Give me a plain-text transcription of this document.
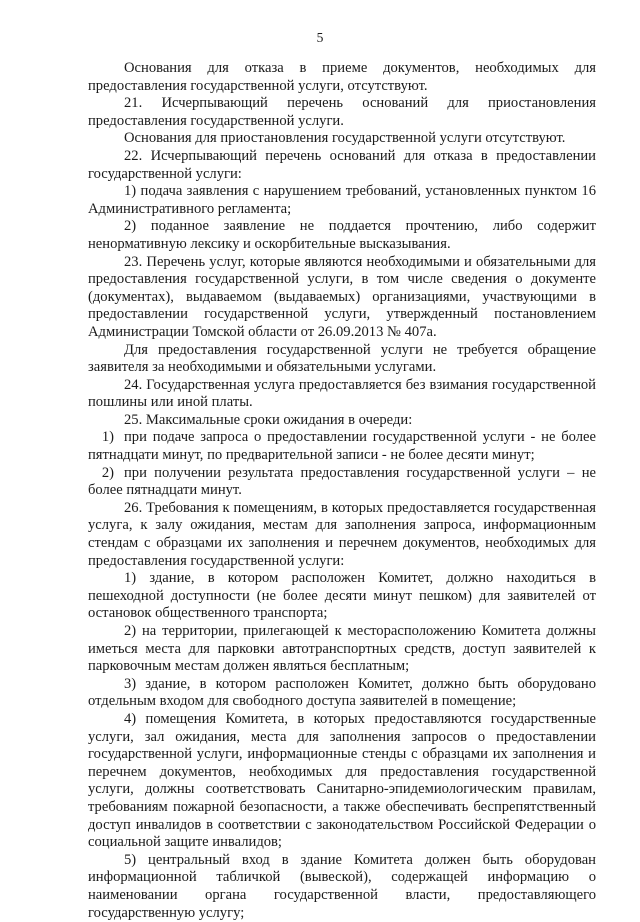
5

Основания для отказа в приеме документов, необходимых для предоставления государственной услуги, отсутствуют.

21. Исчерпывающий перечень оснований для приостановления предоставления государственной услуги.

Основания для приостановления государственной услуги отсутствуют.

22. Исчерпывающий перечень оснований для отказа в предоставлении государственной услуги:

1) подача заявления с нарушением требований, установленных пунктом 16 Административного регламента;

2) поданное заявление не поддается прочтению, либо содержит ненормативную лексику и оскорбительные высказывания.

23. Перечень услуг, которые являются необходимыми и обязательными для предоставления государственной услуги, в том числе сведения о документе (документах), выдаваемом (выдаваемых) организациями, участвующими в предоставлении государственной услуги, утвержденный постановлением Администрации Томской области от 26.09.2013 № 407а.

Для предоставления государственной услуги не требуется обращение заявителя за необходимыми и обязательными услугами.

24. Государственная услуга предоставляется без взимания государственной пошлины или иной платы.

25. Максимальные сроки ожидания в очереди:

1) при подаче запроса о предоставлении государственной услуги - не более пятнадцати минут, по предварительной записи - не более десяти минут;

2) при получении результата предоставления государственной услуги – не более пятнадцати минут.

26. Требования к помещениям, в которых предоставляется государственная услуга, к залу ожидания, местам для заполнения запроса, информационным стендам с образцами их заполнения и перечнем документов, необходимых для предоставления государственной услуги:

1) здание, в котором расположен Комитет, должно находиться в пешеходной доступности (не более десяти минут пешком) для заявителей от остановок общественного транспорта;

2) на территории, прилегающей к месторасположению Комитета должны иметься места для парковки автотранспортных средств, доступ заявителей к парковочным местам должен являться бесплатным;

3) здание, в котором расположен Комитет, должно быть оборудовано отдельным входом для свободного доступа заявителей в помещение;

4) помещения Комитета, в которых предоставляются государственные услуги, зал ожидания, места для заполнения запросов о предоставлении государственной услуги, информационные стенды с образцами их заполнения и перечнем документов, необходимых для предоставления государственной услуги, должны соответствовать Санитарно-эпидемиологическим правилам, требованиям пожарной безопасности, а также обеспечивать беспрепятственный доступ инвалидов в соответствии с законодательством Российской Федерации о социальной защите инвалидов;

5) центральный вход в здание Комитета должен быть оборудован информационной табличкой (вывеской), содержащей информацию о наименовании органа государственной власти, предоставляющего государственную услугу;
